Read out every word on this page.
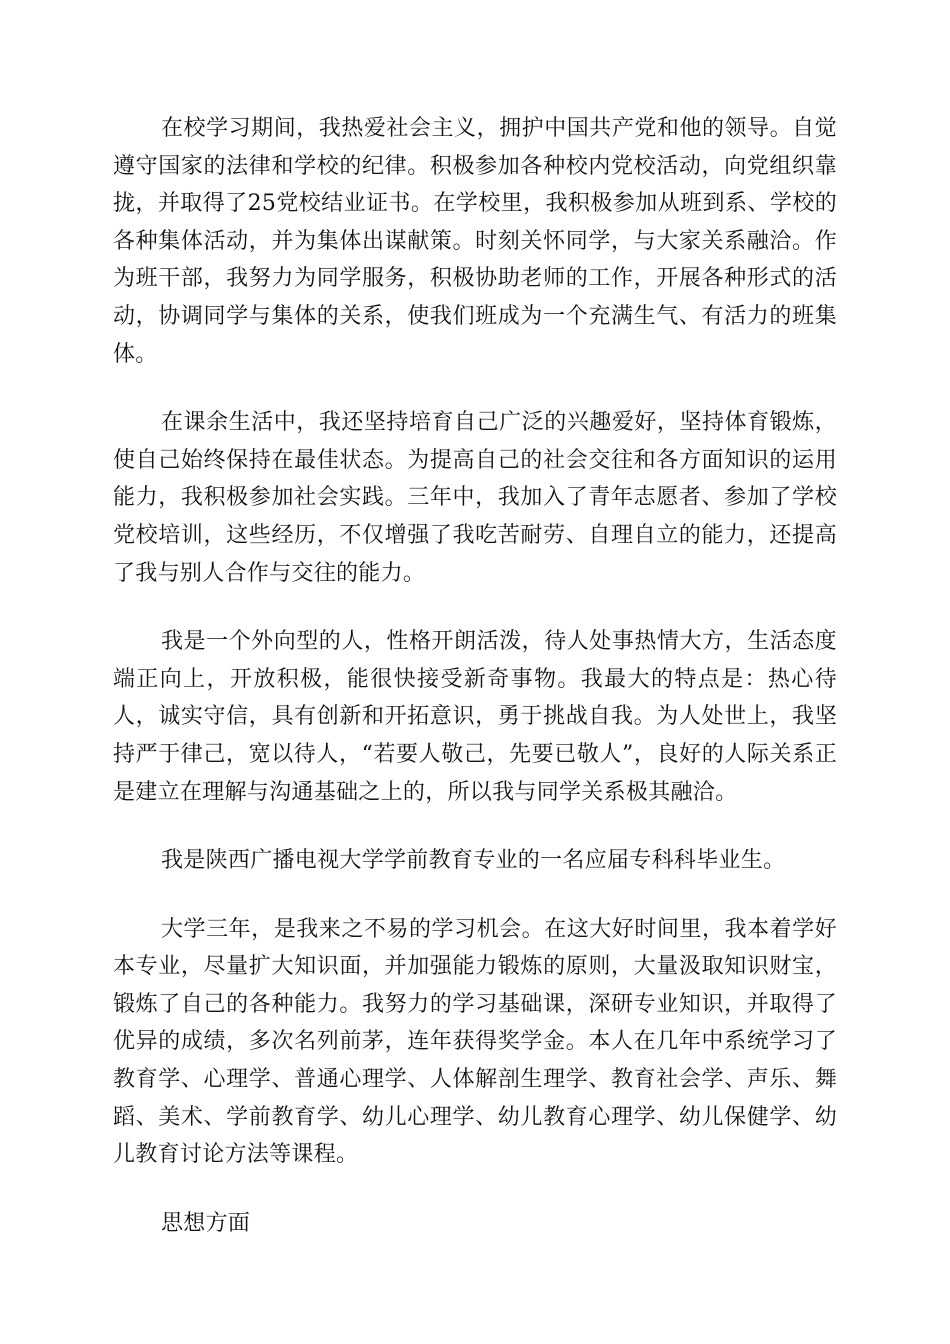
在校学习期间，我热爱社会主义，拥护中国共产党和他的领导。自觉遵守国家的法律和学校的纪律。积极参加各种校内党校活动，向党组织靠拢，并取得了25党校结业证书。在学校里，我积极参加从班到系、学校的各种集体活动，并为集体出谋献策。时刻关怀同学，与大家关系融洽。作为班干部，我努力为同学服务，积极协助老师的工作，开展各种形式的活动，协调同学与集体的关系，使我们班成为一个充满生气、有活力的班集体。

在课余生活中，我还坚持培育自己广泛的兴趣爱好，坚持体育锻炼，使自己始终保持在最佳状态。为提高自己的社会交往和各方面知识的运用能力，我积极参加社会实践。三年中，我加入了青年志愿者、参加了学校党校培训，这些经历，不仅增强了我吃苦耐劳、自理自立的能力，还提高了我与别人合作与交往的能力。

我是一个外向型的人，性格开朗活泼，待人处事热情大方，生活态度端正向上，开放积极，能很快接受新奇事物。我最大的特点是：热心待人，诚实守信，具有创新和开拓意识，勇于挑战自我。为人处世上，我坚持严于律己，宽以待人，“若要人敬己，先要已敬人”，良好的人际关系正是建立在理解与沟通基础之上的，所以我与同学关系极其融洽。

我是陕西广播电视大学学前教育专业的一名应届专科科毕业生。

大学三年，是我来之不易的学习机会。在这大好时间里，我本着学好本专业，尽量扩大知识面，并加强能力锻炼的原则，大量汲取知识财宝，锻炼了自己的各种能力。我努力的学习基础课，深研专业知识，并取得了优异的成绩，多次名列前茅，连年获得奖学金。本人在几年中系统学习了教育学、心理学、普通心理学、人体解剖生理学、教育社会学、声乐、舞蹈、美术、学前教育学、幼儿心理学、幼儿教育心理学、幼儿保健学、幼儿教育讨论方法等课程。

思想方面
